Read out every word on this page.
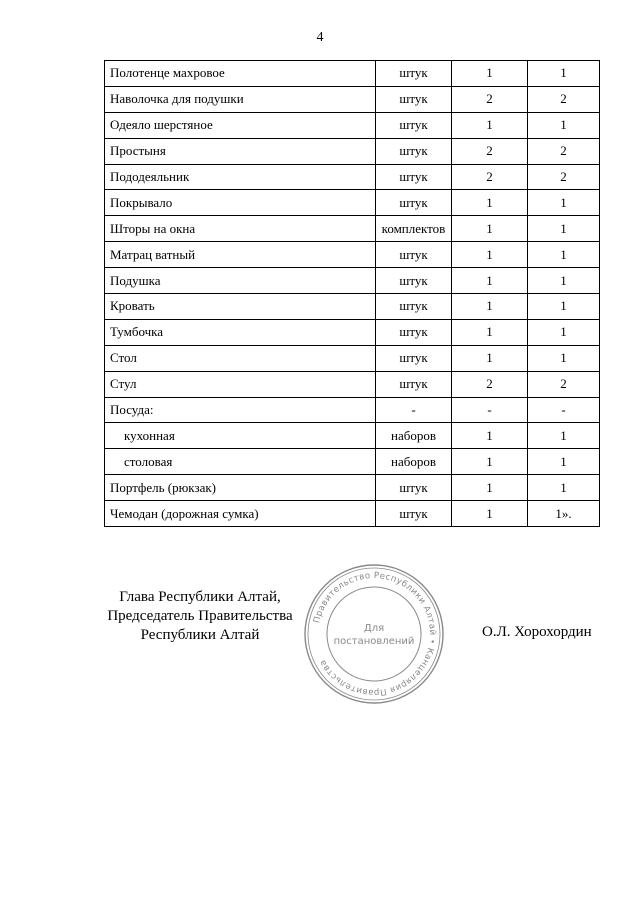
4
Полотенце махровое	штук	1	1
Наволочка для подушки	штук	2	2
Одеяло шерстяное	штук	1	1
Простыня	штук	2	2
Пододеяльник	штук	2	2
Покрывало	штук	1	1
Шторы на окна	комплектов	1	1
Матрац ватный	штук	1	1
Подушка	штук	1	1
Кровать	штук	1	1
Тумбочка	штук	1	1
Стол	штук	1	1
Стул	штук	2	2
Посуда:	-	-	-
кухонная	наборов	1	1
столовая	наборов	1	1
Портфель (рюкзак)	штук	1	1
Чемодан (дорожная сумка)	штук	1	1».
Глава Республики Алтай,
Председатель Правительства
Республики Алтай
Правительство Республики Алтай • Канцелярия Правительства
Для
постановлений
О.Л. Хорохордин
